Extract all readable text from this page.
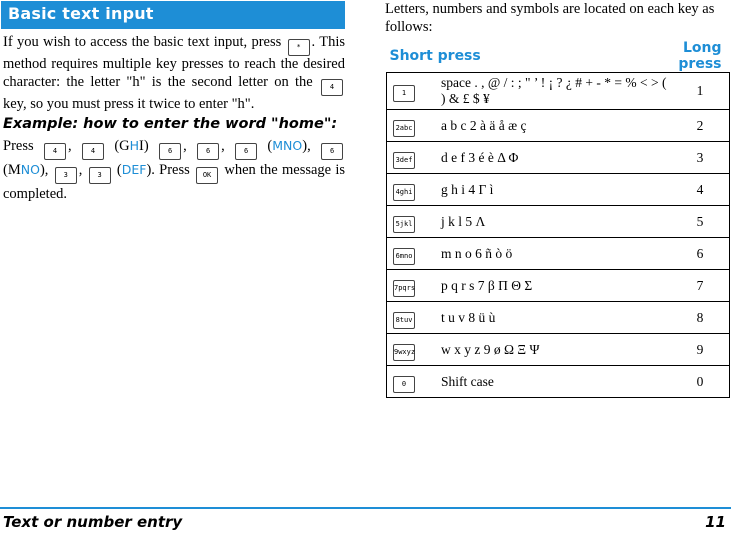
Basic text input
If you wish to access the basic text input, press * . This method requires multiple key presses to reach the desired character: the letter "h" is the second letter on the 4 key, so you must press it twice to enter "h".
Example: how to enter the word "home":
Press	4 , 4 (GHI)	6 , 6 , 6 (MNO),	6 (MNO), 3 , 3 (DEF). Press OK when the message is completed.
Letters, numbers and symbols are located on each key as follows:
Short press		Long press
1	space . , @ / : ; " ’ ! ¡ ? ¿ # + - * = % < > ( ) & £ $ ¥	1
2abc	a b c 2 à ä å æ ç	2
3def	d e f 3 é è Δ Φ	3
4ghi	g h i 4 Γ ì	4
5jkl	j k l 5 Λ	5
6mno	m n o 6 ñ ò ö	6
7pqrs	p q r s 7 β Π Θ Σ	7
8tuv	t u v 8 ü ù	8
9wxyz	w x y z 9 ø Ω Ξ Ψ	9
0	Shift case	0
Text or number entry	11
